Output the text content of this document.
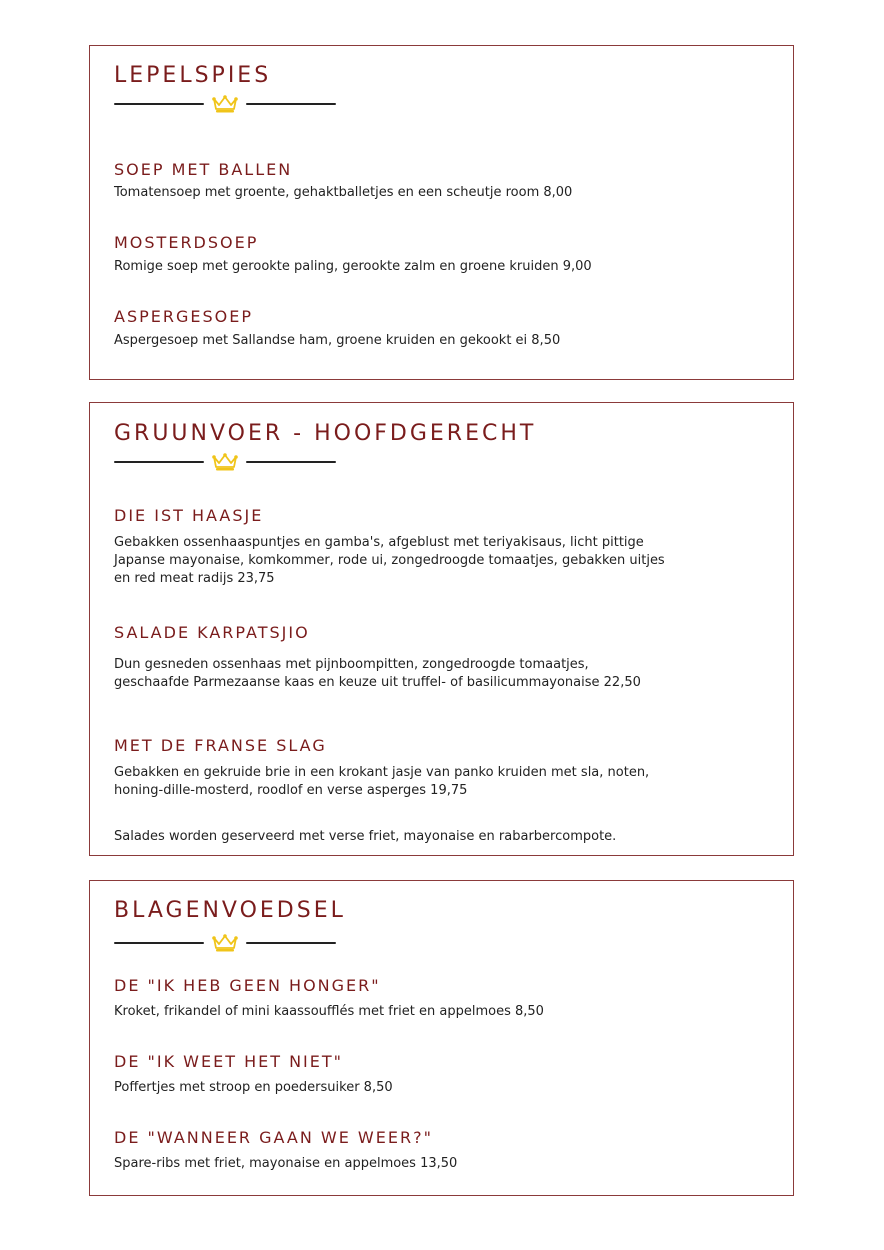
LEPELSPIES
SOEP MET BALLEN

Tomatensoep met groente, gehaktballetjes en een scheutje room 8,00

MOSTERDSOEP

Romige soep met gerookte paling, gerookte zalm en groene kruiden 9,00

ASPERGESOEP

Aspergesoep met Sallandse ham, groene kruiden en gekookt ei 8,50

GRUUNVOER - HOOFDGERECHT
DIE IST HAASJE

Gebakken ossenhaaspuntjes en gamba's, afgeblust met teriyakisaus, licht pittige
Japanse mayonaise, komkommer, rode ui, zongedroogde tomaatjes, gebakken uitjes
en red meat radijs 23,75

SALADE KARPATSJIO

Dun gesneden ossenhaas met pijnboompitten, zongedroogde tomaatjes,
geschaafde Parmezaanse kaas en keuze uit truffel- of basilicummayonaise 22,50

MET DE FRANSE SLAG

Gebakken en gekruide brie in een krokant jasje van panko kruiden met sla, noten,
honing-dille-mosterd, roodlof en verse asperges 19,75

Salades worden geserveerd met verse friet, mayonaise en rabarbercompote.

BLAGENVOEDSEL
DE "IK HEB GEEN HONGER"

Kroket, frikandel of mini kaassoufflés met friet en appelmoes 8,50

DE "IK WEET HET NIET"

Poffertjes met stroop en poedersuiker 8,50

DE "WANNEER GAAN WE WEER?"

Spare-ribs met friet, mayonaise en appelmoes 13,50
